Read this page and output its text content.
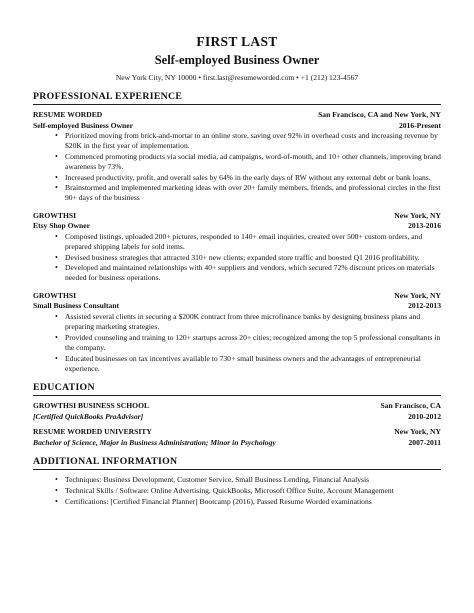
FIRST LAST
Self-employed Business Owner
New York City, NY 10000 • first.last@resumeworded.com • +1 (212) 123-4567
PROFESSIONAL EXPERIENCE
RESUME WORDED	San Francisco, CA and New York, NY
Self-employed Business Owner	2016-Present
• Prioritized moving from brick-and-mortar to an online store, saving over 92% in overhead costs and increasing revenue by $20K in the first year of implementation.
• Commenced promoting products via social media, ad campaigns, word-of-mouth, and 10+ other channels, improving brand awareness by 73%.
• Increased productivity, profit, and overall sales by 64% in the early days of RW without any external debt or bank loans.
• Brainstormed and implemented marketing ideas with over 20+ family members, friends, and professional circles in the first 90+ days of the business
GROWTHSI	New York, NY
Etsy Shop Owner	2013-2016
• Composed listings, uploaded 200+ pictures, responded to 140+ email inquiries, created over 500+ custom orders, and prepared shipping labels for sold items.
• Devised business strategies that attracted 310+ new clients; expanded store traffic and boosted Q1 2016 profitability.
• Developed and maintained relationships with 40+ suppliers and vendors, which secured 72% discount prices on materials needed for business operations.
GROWTHSI	New York, NY
Small Business Consultant	2012-2013
• Assisted several clients in securing a $200K contract from three microfinance banks by designing business plans and preparing marketing strategies.
• Provided counseling and training to 120+ startups across 20+ cities; recognized among the top 5 professional consultants in the company.
• Educated businesses on tax incentives available to 730+ small business owners and the advantages of entrepreneurial experience.
EDUCATION
GROWTHSI BUSINESS SCHOOL	San Francisco, CA
[Certified QuickBooks ProAdvisor]	2010-2012
RESUME WORDED UNIVERSITY	New York, NY
Bachelor of Science, Major in Business Administration; Minor in Psychology	2007-2011
ADDITIONAL INFORMATION
• Techniques: Business Development, Customer Service, Small Business Lending, Financial Analysis
• Technical Skills / Software: Online Advertising, QuickBooks, Microsoft Office Suite, Account Management
• Certifications: [Certified Financial Planner] Bootcamp (2016), Passed Resume Worded examinations
